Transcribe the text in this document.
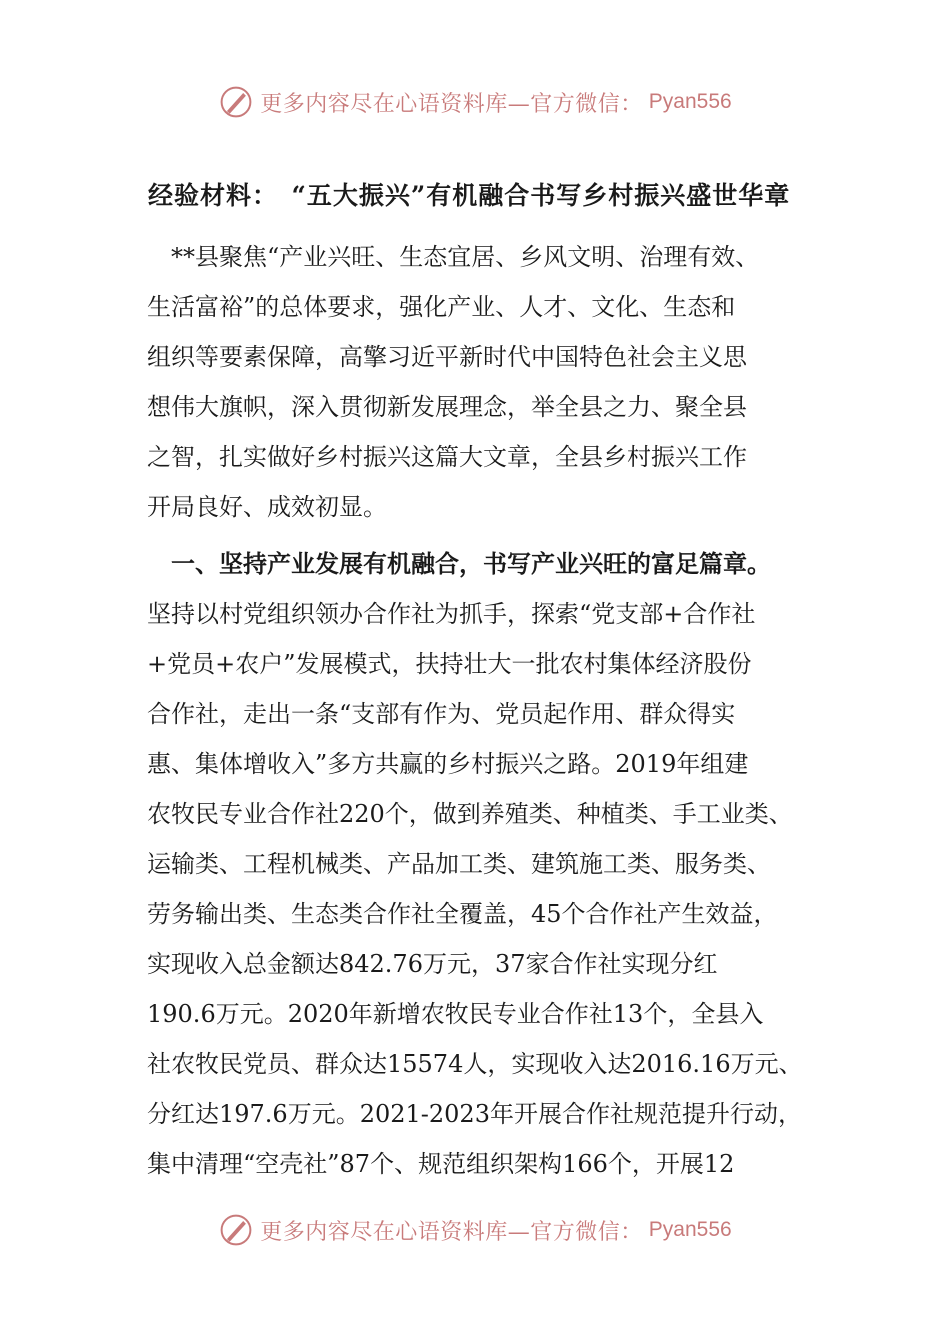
更多内容尽在心语资料库—官方微信： Pyan556
经验材料：　“五大振兴”有机融合书写乡村振兴盛世华章
　**县聚焦“产业兴旺、生态宜居、乡风文明、治理有效、
生活富裕”的总体要求，强化产业、人才、文化、生态和
组织等要素保障，高擎习近平新时代中国特色社会主义思
想伟大旗帜，深入贯彻新发展理念，举全县之力、聚全县
之智，扎实做好乡村振兴这篇大文章，全县乡村振兴工作
开局良好、成效初显。
　一、坚持产业发展有机融合，书写产业兴旺的富足篇章。
坚持以村党组织领办合作社为抓手，探索“党支部+合作社
+党员+农户”发展模式，扶持壮大一批农村集体经济股份
合作社，走出一条“支部有作为、党员起作用、群众得实
惠、集体增收入”多方共赢的乡村振兴之路。2019年组建
农牧民专业合作社220个，做到养殖类、种植类、手工业类、
运输类、工程机械类、产品加工类、建筑施工类、服务类、
劳务输出类、生态类合作社全覆盖，45个合作社产生效益，
实现收入总金额达842.76万元，37家合作社实现分红
190.6万元。2020年新增农牧民专业合作社13个，全县入
社农牧民党员、群众达15574人，实现收入达2016.16万元、
分红达197.6万元。2021-2023年开展合作社规范提升行动，
集中清理“空壳社”87个、规范组织架构166个，开展12
更多内容尽在心语资料库—官方微信： Pyan556
